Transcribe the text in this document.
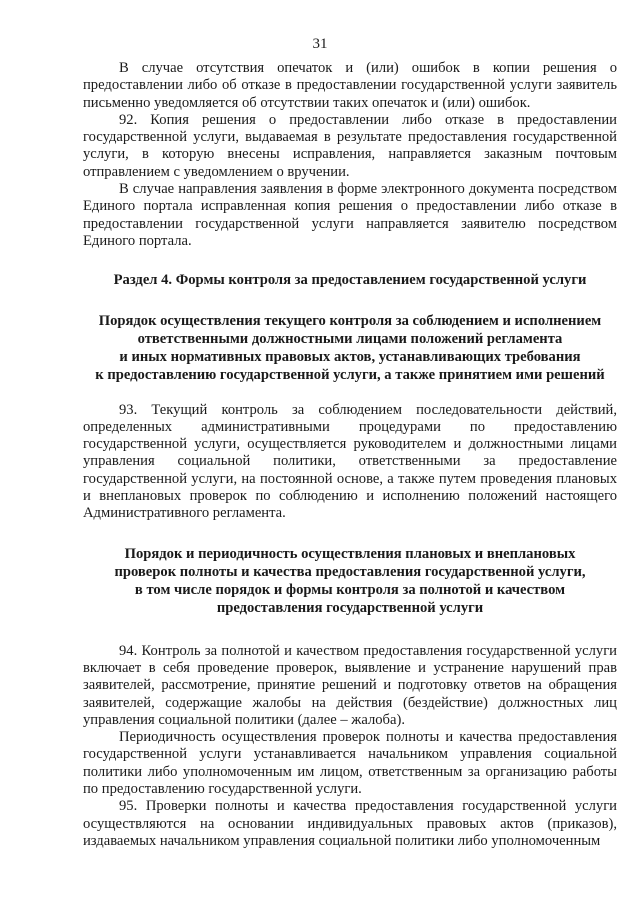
31

В случае отсутствия опечаток и (или) ошибок в копии решения о предоставлении либо об отказе в предоставлении государственной услуги заявитель письменно уведомляется об отсутствии таких опечаток и (или) ошибок.

92. Копия решения о предоставлении либо отказе в предоставлении государственной услуги, выдаваемая в результате предоставления государственной услуги, в которую внесены исправления, направляется заказным почтовым отправлением с уведомлением о вручении.

В случае направления заявления в форме электронного документа посредством Единого портала исправленная копия решения о предоставлении либо отказе в предоставлении государственной услуги направляется заявителю посредством Единого портала.

Раздел 4. Формы контроля за предоставлением государственной услуги
Порядок осуществления текущего контроля за соблюдением и исполнением
ответственными должностными лицами положений регламента
и иных нормативных правовых актов, устанавливающих требования
к предоставлению государственной услуги, а также принятием ими решений

93. Текущий контроль за соблюдением последовательности действий, определенных административными процедурами по предоставлению государственной услуги, осуществляется руководителем и должностными лицами управления социальной политики, ответственными за предоставление государственной услуги, на постоянной основе, а также путем проведения плановых и внеплановых проверок по соблюдению и исполнению положений настоящего Административного регламента.

Порядок и периодичность осуществления плановых и внеплановых
проверок полноты и качества предоставления государственной услуги,
в том числе порядок и формы контроля за полнотой и качеством
предоставления государственной услуги

94. Контроль за полнотой и качеством предоставления государственной услуги включает в себя проведение проверок, выявление и устранение нарушений прав заявителей, рассмотрение, принятие решений и подготовку ответов на обращения заявителей, содержащие жалобы на действия (бездействие) должностных лиц управления социальной политики (далее – жалоба).

Периодичность осуществления проверок полноты и качества предоставления государственной услуги устанавливается начальником управления социальной политики либо уполномоченным им лицом, ответственным за организацию работы по предоставлению государственной услуги.

95. Проверки полноты и качества предоставления государственной услуги осуществляются на основании индивидуальных правовых актов (приказов), издаваемых начальником управления социальной политики либо уполномоченным
